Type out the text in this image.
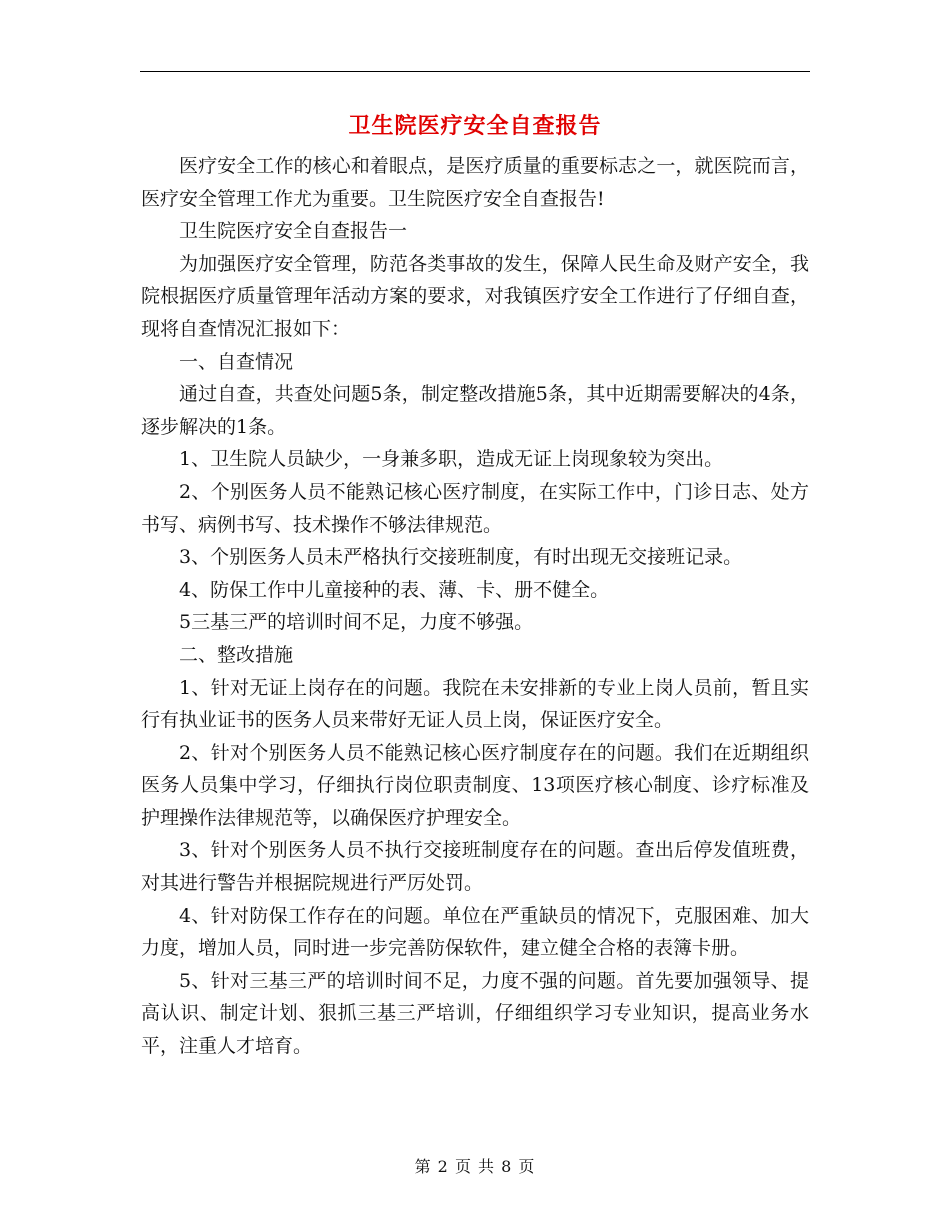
卫生院医疗安全自查报告

医疗安全工作的核心和着眼点，是医疗质量的重要标志之一，就医院而言，医疗安全管理工作尤为重要。卫生院医疗安全自查报告!

卫生院医疗安全自查报告一

为加强医疗安全管理，防范各类事故的发生，保障人民生命及财产安全，我院根据医疗质量管理年活动方案的要求，对我镇医疗安全工作进行了仔细自查，现将自查情况汇报如下：

一、自查情况

通过自查，共查处问题5条，制定整改措施5条，其中近期需要解决的4条，逐步解决的1条。

1、卫生院人员缺少，一身兼多职，造成无证上岗现象较为突出。

2、个别医务人员不能熟记核心医疗制度，在实际工作中，门诊日志、处方书写、病例书写、技术操作不够法律规范。

3、个别医务人员未严格执行交接班制度，有时出现无交接班记录。

4、防保工作中儿童接种的表、薄、卡、册不健全。

5三基三严的培训时间不足，力度不够强。

二、整改措施

1、针对无证上岗存在的问题。我院在未安排新的专业上岗人员前，暂且实行有执业证书的医务人员来带好无证人员上岗，保证医疗安全。

2、针对个别医务人员不能熟记核心医疗制度存在的问题。我们在近期组织医务人员集中学习，仔细执行岗位职责制度、13项医疗核心制度、诊疗标准及护理操作法律规范等，以确保医疗护理安全。

3、针对个别医务人员不执行交接班制度存在的问题。查出后停发值班费，对其进行警告并根据院规进行严厉处罚。

4、针对防保工作存在的问题。单位在严重缺员的情况下，克服困难、加大力度，增加人员，同时进一步完善防保软件，建立健全合格的表簿卡册。

5、针对三基三严的培训时间不足，力度不强的问题。首先要加强领导、提高认识、制定计划、狠抓三基三严培训，仔细组织学习专业知识，提高业务水平，注重人才培育。

第 2 页 共 8 页
